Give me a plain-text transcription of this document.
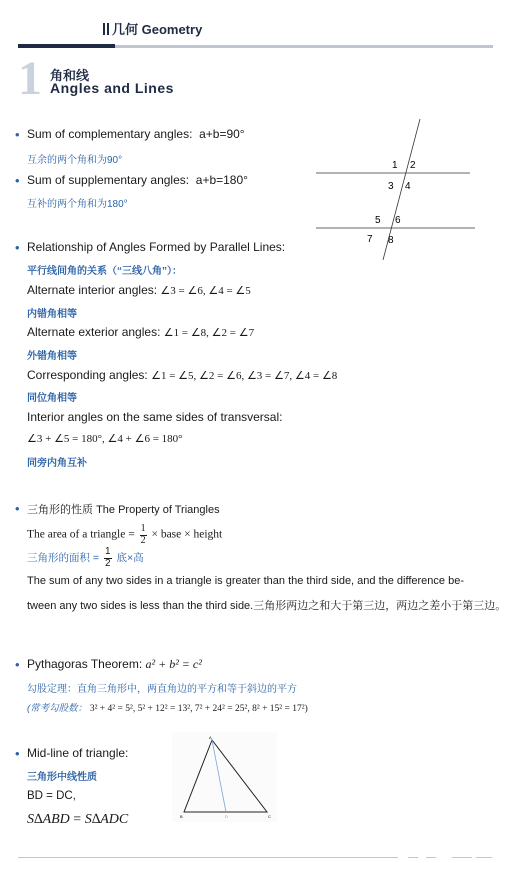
几何 Geometry
1 角和线
Angles and Lines
• Sum of complementary angles: a+b=90°
互余的两个角和为90°
• Sum of supplementary angles: a+b=180°
互补的两个角和为180°
1 2
3 4
5 6
7 8
• Relationship of Angles Formed by Parallel Lines:
平行线间角的关系（“三线八角”）：
Alternate interior angles: ∠3 = ∠6, ∠4 = ∠5
内错角相等
Alternate exterior angles: ∠1 = ∠8, ∠2 = ∠7
外错角相等
Corresponding angles: ∠1 = ∠5, ∠2 = ∠6, ∠3 = ∠7, ∠4 = ∠8
同位角相等
Interior angles on the same sides of transversal:
∠3 + ∠5 = 180°, ∠4 + ∠6 = 180°
同旁内角互补
• 三角形的性质 The Property of Triangles
The area of a triangle = $\frac{1}{2}$ × base × height
三角形的面积 = $\frac{1}{2}$ 底×高
The sum of any two sides in a triangle is greater than the third side, and the difference be-
tween any two sides is less than the third side.三角形两边之和大于第三边，两边之差小于第三边。
• Pythagoras Theorem: a² + b² = c²
勾股定理：直角三角形中，两直角边的平方和等于斜边的平方
(常考勾股数： 3² + 4² = 5², 5² + 12² = 13², 7² + 24² = 25², 8² + 15² = 17²)
• Mid-line of triangle:
三角形中线性质
BD = DC,
S∆ABD = S∆ADC
A
B	C
D
